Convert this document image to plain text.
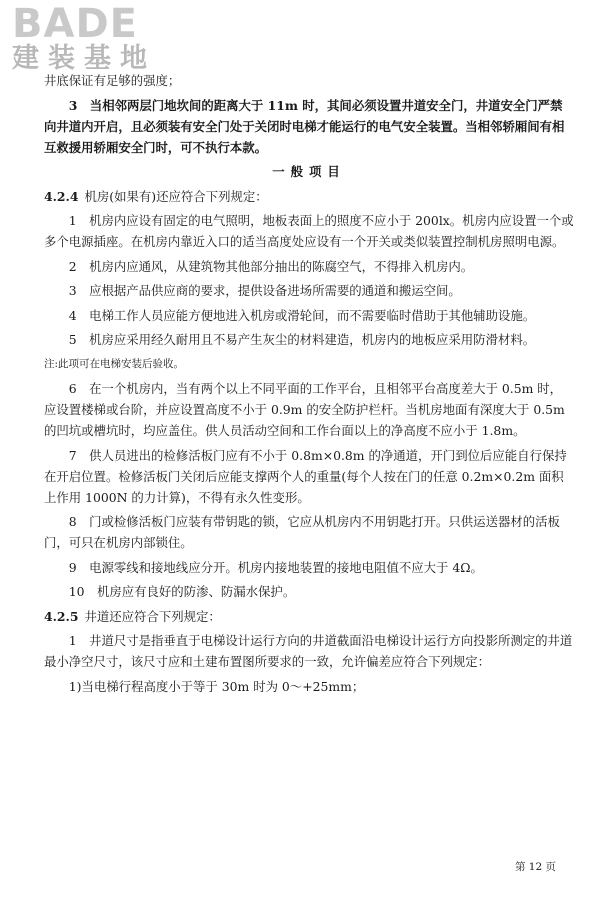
BADE
建装基地

井底保证有足够的强度；

3　当相邻两层门地坎间的距离大于 11m 时，其间必须设置井道安全门，井道安全门严禁向井道内开启，且必须装有安全门处于关闭时电梯才能运行的电气安全装置。当相邻轿厢间有相互救援用轿厢安全门时，可不执行本款。

一般项目
4.2.4 机房(如果有)还应符合下列规定：

1　机房内应设有固定的电气照明，地板表面上的照度不应小于 200lx。机房内应设置一个或多个电源插座。在机房内靠近入口的适当高度处应设有一个开关或类似装置控制机房照明电源。

2　机房内应通风，从建筑物其他部分抽出的陈腐空气，不得排入机房内。

3　应根据产品供应商的要求，提供设备进场所需要的通道和搬运空间。

4　电梯工作人员应能方便地进入机房或滑轮间，而不需要临时借助于其他辅助设施。

5　机房应采用经久耐用且不易产生灰尘的材料建造，机房内的地板应采用防滑材料。

注:此项可在电梯安装后验收。

6　在一个机房内，当有两个以上不同平面的工作平台，且相邻平台高度差大于 0.5m 时，应设置楼梯或台阶，并应设置高度不小于 0.9m 的安全防护栏杆。当机房地面有深度大于 0.5m 的凹坑或槽坑时，均应盖住。供人员活动空间和工作台面以上的净高度不应小于 1.8m。

7　供人员进出的检修活板门应有不小于 0.8m×0.8m 的净通道，开门到位后应能自行保持在开启位置。检修活板门关闭后应能支撑两个人的重量(每个人按在门的任意 0.2m×0.2m 面积上作用 1000N 的力计算)，不得有永久性变形。

8　门或检修活板门应装有带钥匙的锁，它应从机房内不用钥匙打开。只供运送器材的活板门，可只在机房内部锁住。

9　电源零线和接地线应分开。机房内接地装置的接地电阻值不应大于 4Ω。

10　机房应有良好的防渗、防漏水保护。

4.2.5 井道还应符合下列规定：

1　井道尺寸是指垂直于电梯设计运行方向的井道截面沿电梯设计运行方向投影所测定的井道最小净空尺寸，该尺寸应和土建布置图所要求的一致，允许偏差应符合下列规定：

1)当电梯行程高度小于等于 30m 时为 0～+25mm；

第 12 页
